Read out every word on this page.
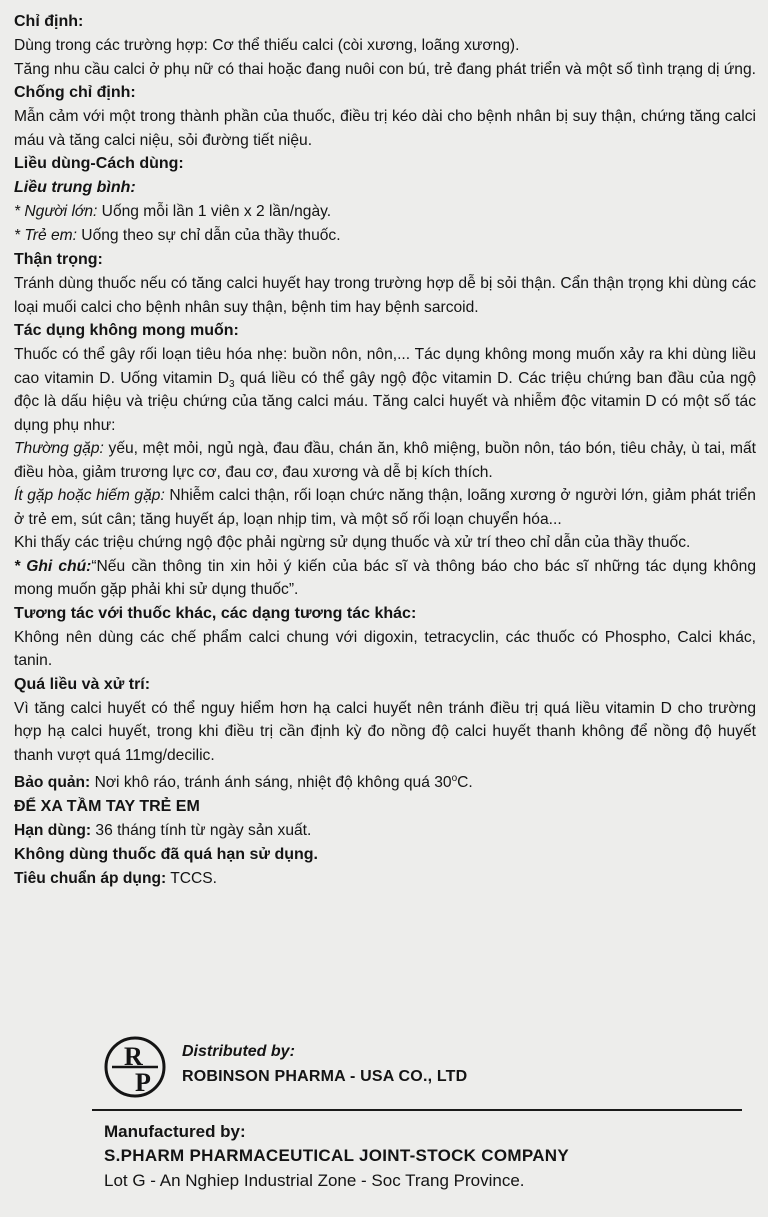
Chỉ định:

Dùng trong các trường hợp: Cơ thể thiếu calci (còi xương, loãng xương).

Tăng nhu cầu calci ở phụ nữ có thai hoặc đang nuôi con bú, trẻ đang phát triển và một số tình trạng dị ứng.

Chống chỉ định:

Mẫn cảm với một trong thành phần của thuốc, điều trị kéo dài cho bệnh nhân bị suy thận, chứng tăng calci máu và tăng calci niệu, sỏi đường tiết niệu.

Liều dùng-Cách dùng:

Liều trung bình:

* Người lớn: Uống mỗi lần 1 viên x 2 lần/ngày.

* Trẻ em: Uống theo sự chỉ dẫn của thầy thuốc.

Thận trọng:

Tránh dùng thuốc nếu có tăng calci huyết hay trong trường hợp dễ bị sỏi thận. Cẩn thận trọng khi dùng các loại muối calci cho bệnh nhân suy thận, bệnh tim hay bệnh sarcoid.

Tác dụng không mong muốn:

Thuốc có thể gây rối loạn tiêu hóa nhẹ: buồn nôn, nôn,... Tác dụng không mong muốn xảy ra khi dùng liều cao vitamin D. Uống vitamin $D_3$ quá liều có thể gây ngộ độc vitamin D. Các triệu chứng ban đầu của ngộ độc là dấu hiệu và triệu chứng của tăng calci máu. Tăng calci huyết và nhiễm độc vitamin D có một số tác dụng phụ như:

Thường gặp: yếu, mệt mỏi, ngủ ngà, đau đầu, chán ăn, khô miệng, buồn nôn, táo bón, tiêu chảy, ù tai, mất điều hòa, giảm trương lực cơ, đau cơ, đau xương và dễ bị kích thích.

Ít gặp hoặc hiếm gặp: Nhiễm calci thận, rối loạn chức năng thận, loãng xương ở người lớn, giảm phát triển ở trẻ em, sút cân; tăng huyết áp, loạn nhịp tim, và một số rối loạn chuyển hóa...

Khi thấy các triệu chứng ngộ độc phải ngừng sử dụng thuốc và xử trí theo chỉ dẫn của thầy thuốc.

* Ghi chú:“Nếu cần thông tin xin hỏi ý kiến của bác sĩ và thông báo cho bác sĩ những tác dụng không mong muốn gặp phải khi sử dụng thuốc”.

Tương tác với thuốc khác, các dạng tương tác khác:

Không nên dùng các chế phẩm calci chung với digoxin, tetracyclin, các thuốc có Phospho, Calci khác, tanin.

Quá liều và xử trí:

Vì tăng calci huyết có thể nguy hiểm hơn hạ calci huyết nên tránh điều trị quá liều vitamin D cho trường hợp hạ calci huyết, trong khi điều trị cần định kỳ đo nồng độ calci huyết thanh không để nồng độ huyết thanh vượt quá 11mg/decilic.

Bảo quản: Nơi khô ráo, tránh ánh sáng, nhiệt độ không quá 30$^o$C.

ĐỂ XA TẦM TAY TRẺ EM

Hạn dùng: 36 tháng tính từ ngày sản xuất.

Không dùng thuốc đã quá hạn sử dụng.

Tiêu chuẩn áp dụng: TCCS.

R
P
Distributed by:
ROBINSON PHARMA - USA CO., LTD
Manufactured by:
S.PHARM PHARMACEUTICAL JOINT-STOCK COMPANY
Lot G - An Nghiep Industrial Zone - Soc Trang Province.
